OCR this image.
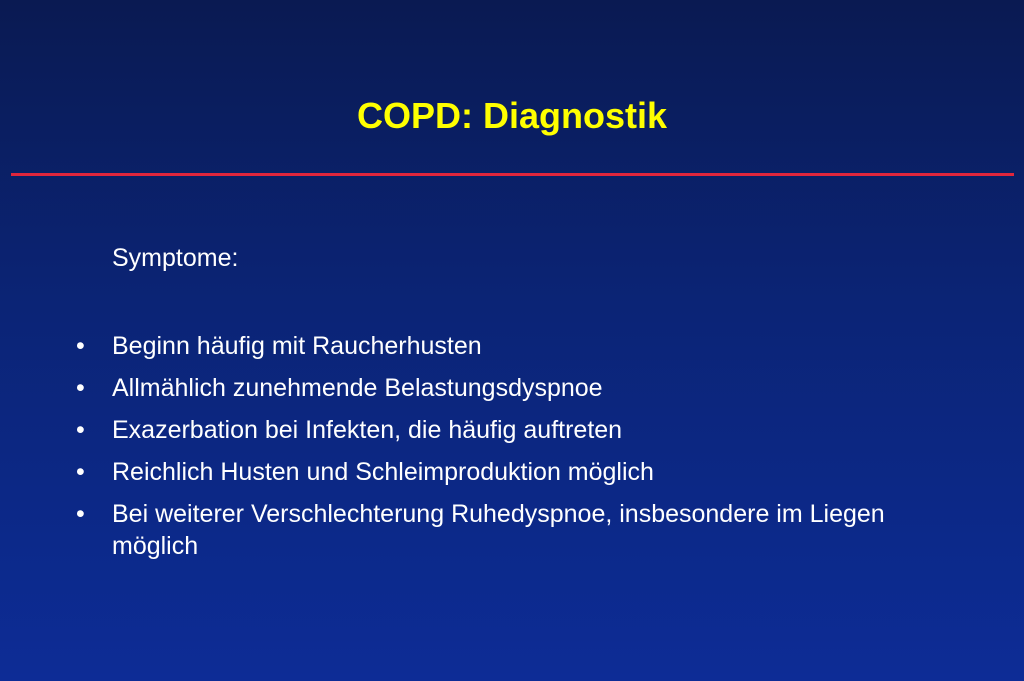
COPD: Diagnostik
Symptome:
•	Beginn häufig mit Raucherhusten
•	Allmählich zunehmende Belastungsdyspnoe
•	Exazerbation bei Infekten, die häufig auftreten
•	Reichlich Husten und Schleimproduktion möglich
•	Bei weiterer Verschlechterung Ruhedyspnoe, insbesondere im Liegen möglich
